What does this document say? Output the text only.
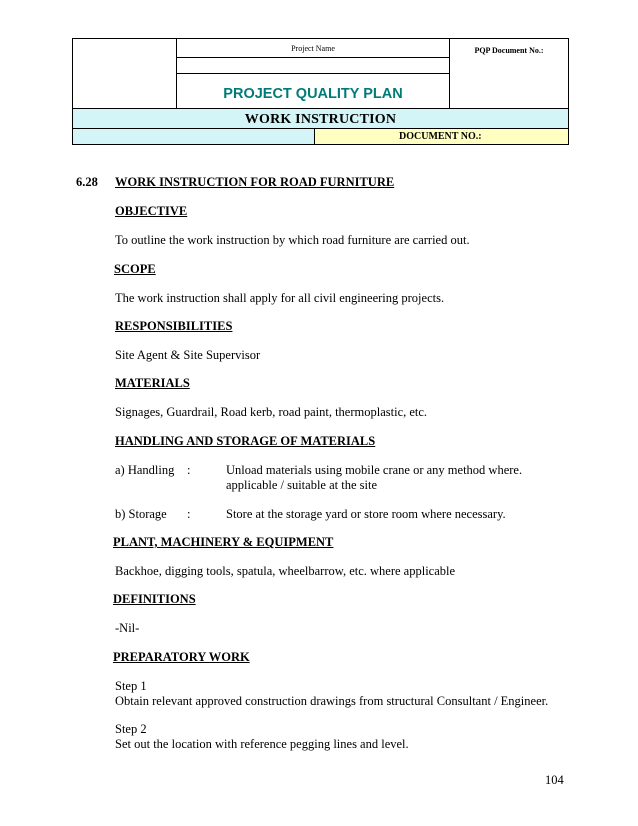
Project Name
PROJECT QUALITY PLAN
PQP Document No.:
WORK INSTRUCTION
DOCUMENT NO.:
6.28 WORK INSTRUCTION FOR ROAD FURNITURE
OBJECTIVE
To outline the work instruction by which road furniture are carried out.
SCOPE
The work instruction shall apply for all civil engineering projects.
RESPONSIBILITIES
Site Agent & Site Supervisor
MATERIALS
Signages, Guardrail, Road kerb, road paint, thermoplastic, etc.
HANDLING AND STORAGE OF MATERIALS
a) Handling :	Unload materials using mobile crane or any method where.
applicable / suitable at the site
b) Storage :	Store at the storage yard or store room where necessary.
PLANT, MACHINERY & EQUIPMENT
Backhoe, digging tools, spatula, wheelbarrow, etc. where applicable
DEFINITIONS
-Nil-
PREPARATORY WORK
Step 1
Obtain relevant approved construction drawings from structural Consultant / Engineer.
Step 2
Set out the location with reference pegging lines and level.
104
